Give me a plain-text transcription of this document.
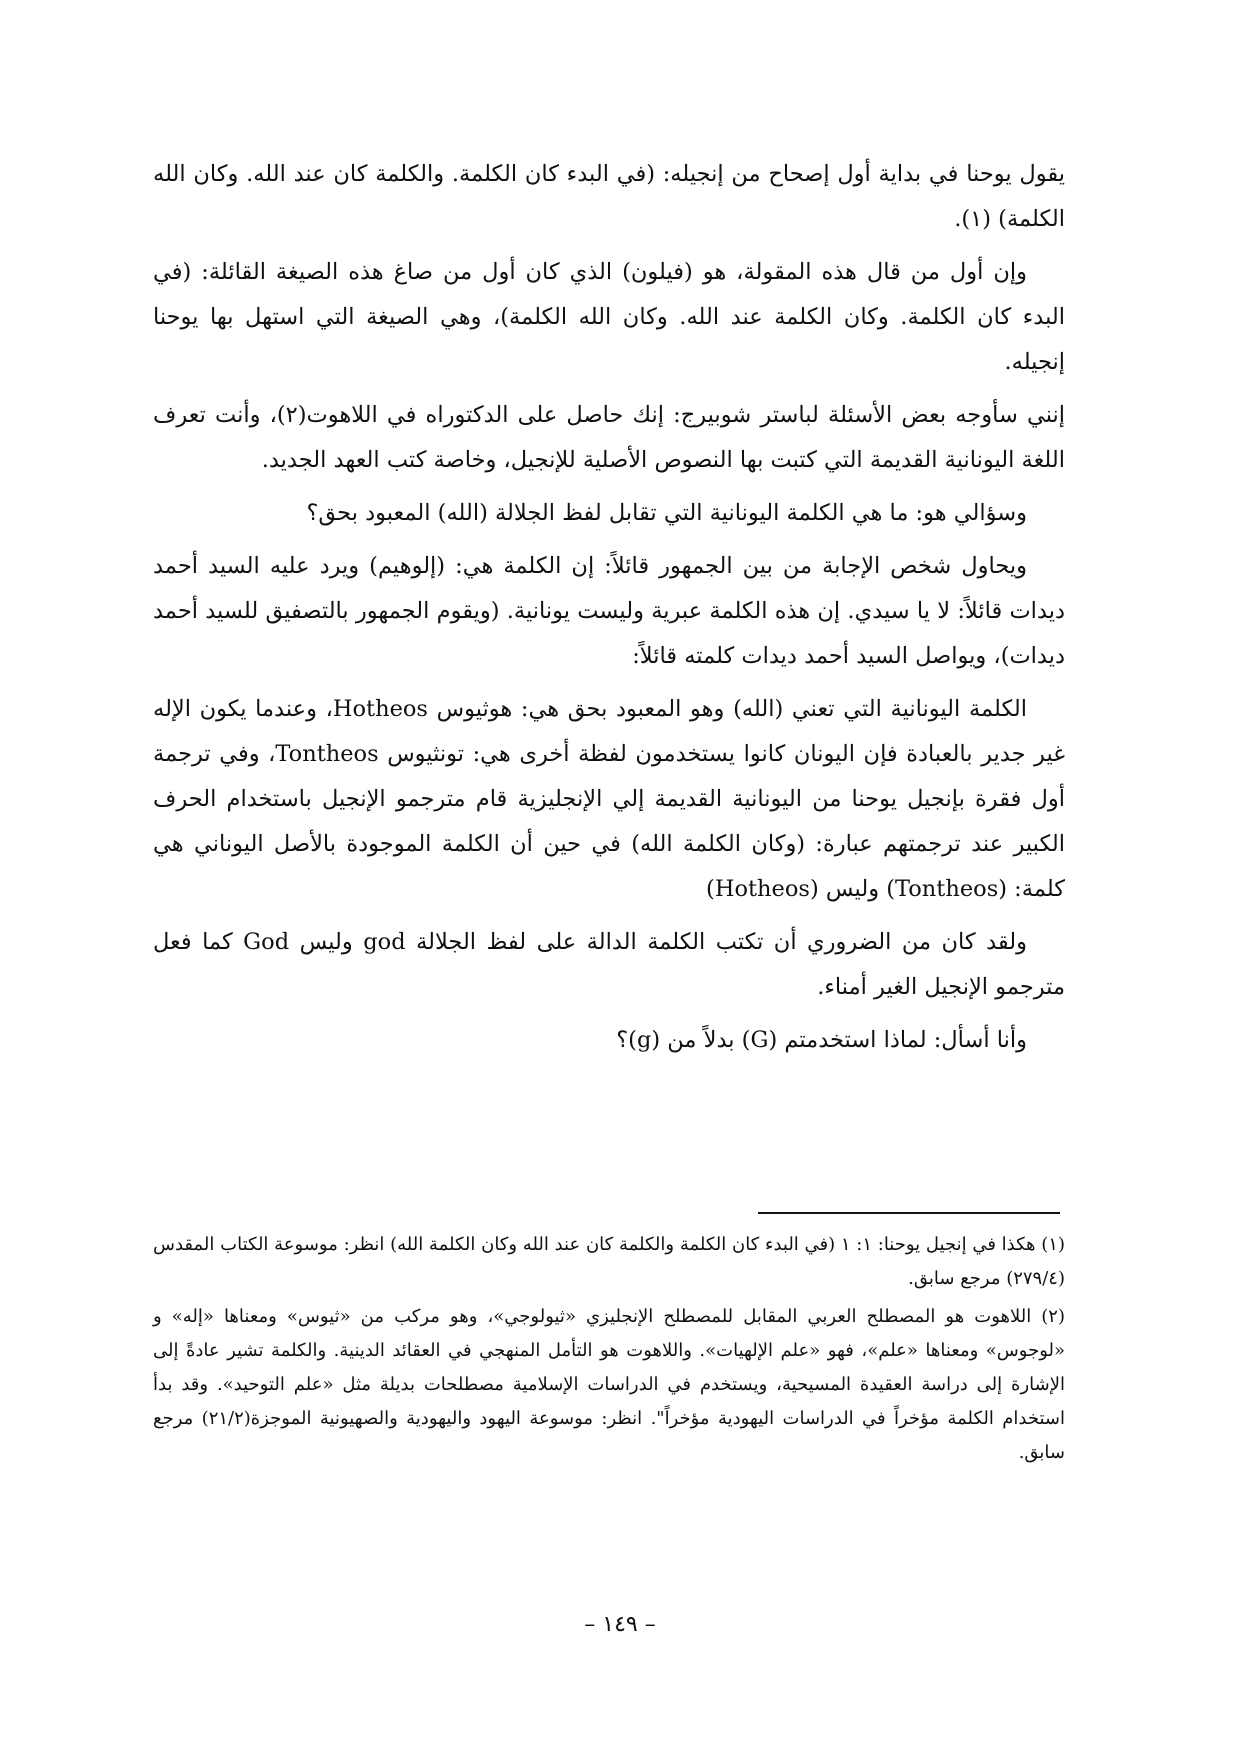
يقول يوحنا في بداية أول إصحاح من إنجيله: (في البدء كان الكلمة. والكلمة كان عند الله. وكان الله الكلمة) (١).

وإن أول من قال هذه المقولة، هو (فيلون) الذي كان أول من صاغ هذه الصيغة القائلة: (في البدء كان الكلمة. وكان الكلمة عند الله. وكان الله الكلمة)، وهي الصيغة التي استهل بها يوحنا إنجيله.

إنني سأوجه بعض الأسئلة لباستر شوبيرج: إنك حاصل على الدكتوراه في اللاهوت(٢)، وأنت تعرف اللغة اليونانية القديمة التي كتبت بها النصوص الأصلية للإنجيل، وخاصة كتب العهد الجديد.

وسؤالي هو: ما هي الكلمة اليونانية التي تقابل لفظ الجلالة (الله) المعبود بحق؟

ويحاول شخص الإجابة من بين الجمهور قائلاً: إن الكلمة هي: (إلوهيم) ويرد عليه السيد أحمد ديدات قائلاً: لا يا سيدي. إن هذه الكلمة عبرية وليست يونانية. (ويقوم الجمهور بالتصفيق للسيد أحمد ديدات)، ويواصل السيد أحمد ديدات كلمته قائلاً:

الكلمة اليونانية التي تعني (الله) وهو المعبود بحق هي: هوثيوس Hotheos، وعندما يكون الإله غير جدير بالعبادة فإن اليونان كانوا يستخدمون لفظة أخرى هي: تونثيوس Tontheos، وفي ترجمة أول فقرة بإنجيل يوحنا من اليونانية القديمة إلي الإنجليزية قام مترجمو الإنجيل باستخدام الحرف الكبير عند ترجمتهم عبارة: (وكان الكلمة الله) في حين أن الكلمة الموجودة بالأصل اليوناني هي كلمة: (Tontheos) وليس (Hotheos)

ولقد كان من الضروري أن تكتب الكلمة الدالة على لفظ الجلالة god وليس God كما فعل مترجمو الإنجيل الغير أمناء.

وأنا أسأل: لماذا استخدمتم (G) بدلاً من (g)؟

(١) هكذا في إنجيل يوحنا: ١: ١ (في البدء كان الكلمة والكلمة كان عند الله وكان الكلمة الله) انظر: موسوعة الكتاب المقدس (٢٧٩/٤) مرجع سابق.

(٢) اللاهوت هو المصطلح العربي المقابل للمصطلح الإنجليزي «ثيولوجي»، وهو مركب من «ثيوس» ومعناها «إله» و «لوجوس» ومعناها «علم»، فهو «علم الإلهيات». واللاهوت هو التأمل المنهجي في العقائد الدينية. والكلمة تشير عادةً إلى الإشارة إلى دراسة العقيدة المسيحية، ويستخدم في الدراسات الإسلامية مصطلحات بديلة مثل «علم التوحيد». وقد بدأ استخدام الكلمة مؤخراً في الدراسات اليهودية مؤخراً". انظر: موسوعة اليهود واليهودية والصهيونية الموجزة(٢١/٢) مرجع سابق.

– ١٤٩ –
